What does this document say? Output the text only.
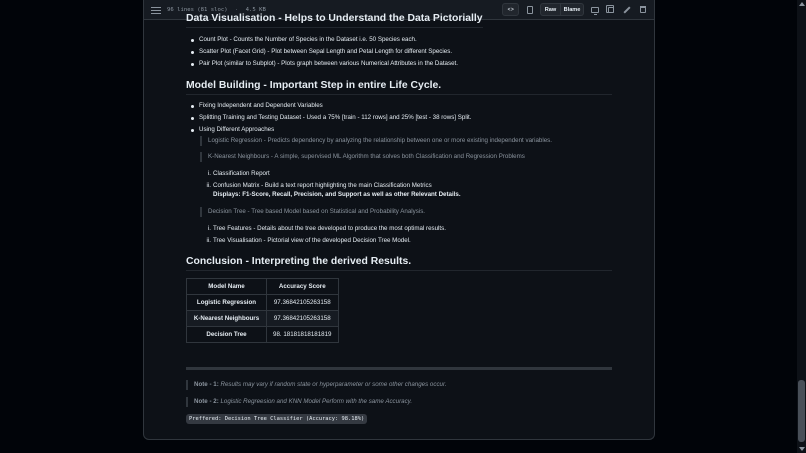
96 lines (81 sloc) · 4.5 KB < >	Raw	Blame
Data Visualisation - Helps to Understand the Data Pictorially
Count Plot - Counts the Number of Species in the Dataset i.e. 50 Species each.
Scatter Plot (Facet Grid) - Plot between Sepal Length and Petal Length for different Species.
Pair Plot (similar to Subplot) - Plots graph between various Numerical Attributes in the Dataset.
Model Building - Important Step in entire Life Cycle.
Fixing Independent and Dependent Variables
Splitting Training and Testing Dataset - Used a 75% [train - 112 rows] and 25% [test - 38 rows] Split.
Using Different Approaches
Logistic Regression - Predicts dependency by analyzing the relationship between one or more existing independent variables.
K-Nearest Neighbours - A simple, supervised ML Algorithm that solves both Classification and Regression Problems
i. Classification Report
ii. Confusion Matrix - Build a text report highlighting the main Classification Metrics
Displays: F1-Score, Recall, Precision, and Support as well as other Relevant Details.
Decision Tree - Tree based Model based on Statistical and Probability Analysis.
i. Tree Features - Details about the tree developed to produce the most optimal results.
ii. Tree Visualisation - Pictorial view of the developed Decision Tree Model.
Conclusion - Interpreting the derived Results.
Model Name	Accuracy Score
Logistic Regression	97.36842105263158
K-Nearest Neighbours	97.36842105263158
Decision Tree	98. 18181818181819
Note - 1: Results may vary if random state or hyperparameter or some other changes occur.
Note - 2: Logistic Regreesion and KNN Model Perform with the same Accuracy.
Preffered: Decision Tree Classifier (Accuracy: 98.18%)
